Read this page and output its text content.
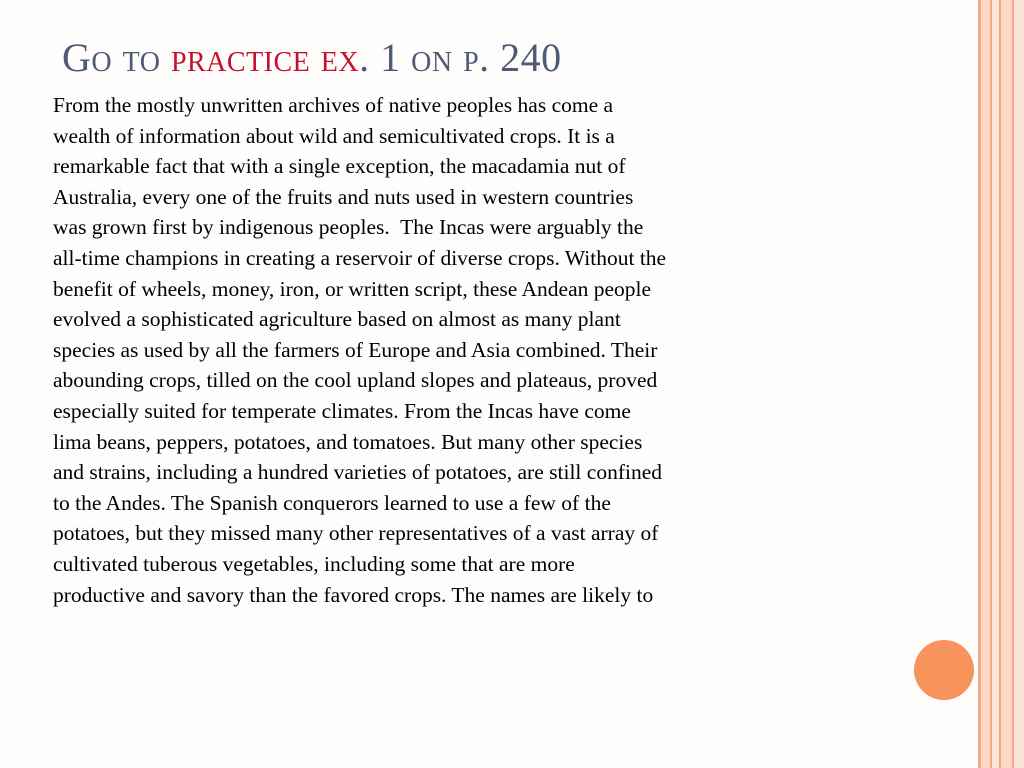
Go to practice ex. 1 on p. 240
From the mostly unwritten archives of native peoples has come a
wealth of information about wild and semicultivated crops. It is a
remarkable fact that with a single exception, the macadamia nut of
Australia, every one of the fruits and nuts used in western countries
was grown first by indigenous peoples.  The Incas were arguably the
all-time champions in creating a reservoir of diverse crops. Without the
benefit of wheels, money, iron, or written script, these Andean people
evolved a sophisticated agriculture based on almost as many plant
species as used by all the farmers of Europe and Asia combined. Their
abounding crops, tilled on the cool upland slopes and plateaus, proved
especially suited for temperate climates. From the Incas have come
lima beans, peppers, potatoes, and tomatoes. But many other species
and strains, including a hundred varieties of potatoes, are still confined
to the Andes. The Spanish conquerors learned to use a few of the
potatoes, but they missed many other representatives of a vast array of
cultivated tuberous vegetables, including some that are more
productive and savory than the favored crops. The names are likely to
